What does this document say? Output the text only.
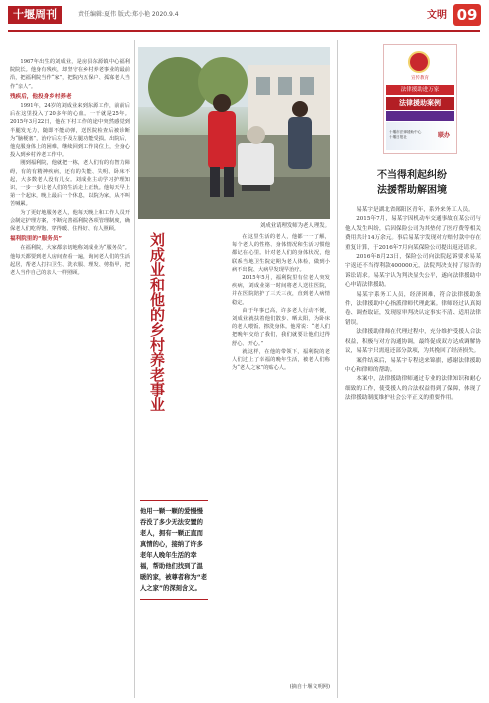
十堰周刊	责任编辑:夏伟 版式:郑小艳 2020.9.4	文明 09

1967年出生的刘成业，是房县东源镇中心福利院院长。他身有残疾，却坚守在乡村养老事业的最前沿，把福利院当作“家”，把院内五保户、孤寡老人当作“亲人”。

残疾后，他投身乡村养老

1991年，24岁的刘成业来到东源工作，前前后后在这里投入了20多年的心血。一干就是25年。2015年3月22日，他在下村工作的途中突然感觉到半腿发无力，随即不能动弹，送医院检查后被诊断为“脑梗塞”，治疗后左手及左腿功能受损。出院后，他克服身体上的困难，继续回到工作岗位上，全身心投入到乡村养老工作中。

刚到福利院，他就把一栋，老人们有的有智力障碍，有的有精神疾病，还有的失能、失明、卧床不起，大多数老人没有儿女。刘成业主动学习护理知识，一步一步让老人们的生活走上正轨。他每天早上第一个起床，晚上最后一个休息，以院为家，从不叫苦喊累。

为了更好地服务老人，他每天晚上和工作人员开会制定护理方案，不断完善福利院各项管理制度，确保老人们吃得饱、穿得暖、住得好、有人照顾。

福利院里的“服务员”

在福利院，大家都亲切地称刘成业为“服务员”。他每天都要到老人房间查看一遍，询问老人们的生活起居，帮老人打扫卫生、洗衣服、理发、剪指甲，把老人当作自己的亲人一样照顾。

刘成业请理发师为老人理发。
刘成业和他的乡村养老事业

在这里生活的老人，他都一一了解，每个老人的性格、身体情况和生活习惯他都记在心里。针对老人们的身体状况，他联系当地卫生院定期为老人体检，做到小病不出院、大病早发现早治疗。

2015年5月，福利院里有位老人突发疾病，刘成业第一时间将老人送往医院，并在医院陪护了三天三夜，直到老人病情稳定。

由于年事已高，许多老人行动不便，刘成业就扶着他们散步、晒太阳，为卧床的老人喂饭、擦洗身体。他常说：“老人们把晚年交给了我们，我们就要让他们过得舒心、开心。”

就这样，在他的带领下，福利院的老人们过上了幸福的晚年生活，被老人们称为“老人之家”的贴心人。

他用一颗一颗的爱慢慢吞没了多少无法安置的老人，拥有一颗正直而真情的心，接纳了许多老年人晚年生活的幸福，帮助他们找到了温暖的家，被尊者称为“老人之家”的深刻含义。
(摘自十堰文明网)
宣传教育
法律援助进万家
法律援助案例
十堰市法律援助中心
十堰日报社	联办
不当得利起纠纷
法援帮助解困境

易某宇是湖北省郧阳区青年，系外来务工人员。

2015年7月，易某宇因机动车交通事故在某公司与他人发生纠纷，后因保险公司为其垫付了医疗费等相关费用共计14万余元。事后易某宇发现对方赔付款中存在重复计算，于2016年7月向某保险公司提出返还请求。

2016年8月23日，保险公司向法院起诉要求易某宇返还不当得利款400000元，法院判决支持了原告的诉讼请求。易某宇认为判决显失公平，遂向法律援助中心申请法律援助。

易某宇系务工人员，经济困难，符合法律援助条件，法律援助中心指派律师代理此案。律师经过认真阅卷、调查取证，发现原审判决认定事实不清、适用法律错误。

法律援助律师在代理过程中，充分维护受援人合法权益，积极与对方沟通协调，最终促成双方达成调解协议，易某宇只需返还部分款项，为其挽回了经济损失。

案件结束后，易某宇专程送来锦旗，感谢法律援助中心和律师的帮助。

本案中，法律援助律师通过专业的法律知识和耐心细致的工作，使受援人的合法权益得到了保障，体现了法律援助制度维护社会公平正义的重要作用。
